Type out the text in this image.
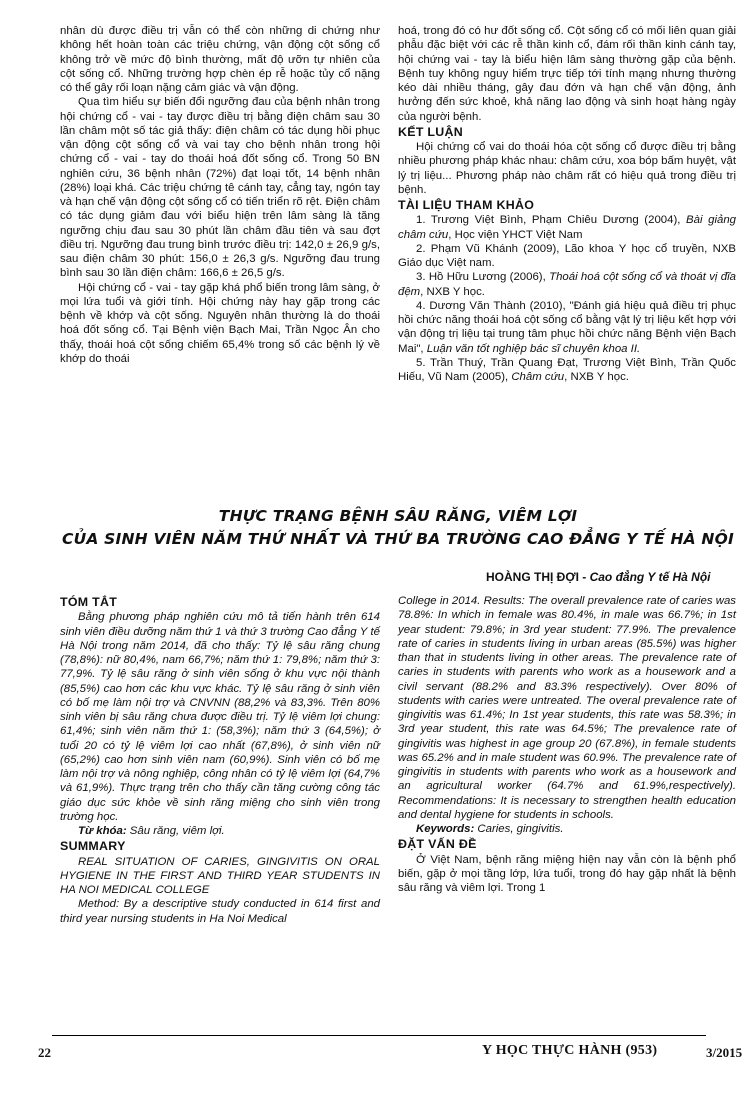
nhân dù được điều trị vẫn có thể còn những di chứng như không hết hoàn toàn các triệu chứng, vận động cột sống cổ không trở về mức độ bình thường, mất độ ưỡn tự nhiên của cột sống cổ. Những trường hợp chèn ép rễ hoặc tủy cổ nặng có thể gây rối loạn nặng cảm giác và vận động.

Qua tìm hiểu sự biến đổi ngưỡng đau của bệnh nhân trong hội chứng cổ - vai - tay được điều trị bằng điện châm sau 30 lần châm một số tác giả thấy: điện châm có tác dụng hồi phục vận động cột sống cổ và vai tay cho bệnh nhân trong hội chứng cổ - vai - tay do thoái hoá đốt sống cổ. Trong 50 BN nghiên cứu, 36 bệnh nhân (72%) đạt loại tốt, 14 bệnh nhân (28%) loại khá. Các triệu chứng tê cánh tay, cẳng tay, ngón tay và hạn chế vận động cột sống cổ có tiến triển rõ rệt. Điện châm có tác dụng giảm đau với biểu hiện trên lâm sàng là tăng ngưỡng chịu đau sau 30 phút lần châm đầu tiên và sau đợt điều trị. Ngưỡng đau trung bình trước điều trị: 142,0 ± 26,9 g/s, sau điện châm 30 phút: 156,0 ± 26,3 g/s. Ngưỡng đau trung bình sau 30 lần điện châm: 166,6 ± 26,5 g/s.

Hội chứng cổ - vai - tay gặp khá phổ biến trong lâm sàng, ở mọi lứa tuổi và giới tính. Hội chứng này hay gặp trong các bệnh về khớp và cột sống. Nguyên nhân thường là do thoái hoá đốt sống cổ. Tại Bệnh viện Bạch Mai, Trần Ngọc Ân cho thấy, thoái hoá cột sống chiếm 65,4% trong số các bệnh lý về khớp do thoái

hoá, trong đó có hư đốt sống cổ. Cột sống cổ có mối liên quan giải phẫu đặc biệt với các rễ thần kinh cổ, đám rối thần kinh cánh tay, hội chứng vai - tay là biểu hiện lâm sàng thường gặp của bệnh. Bệnh tuy không nguy hiểm trực tiếp tới tính mạng nhưng thường kéo dài nhiều tháng, gây đau đớn và hạn chế vận động, ảnh hưởng đến sức khoẻ, khả năng lao động và sinh hoạt hàng ngày của người bệnh.

KẾT LUẬN

Hội chứng cổ vai do thoái hóa cột sống cổ được điều trị bằng nhiều phương pháp khác nhau: châm cứu, xoa bóp bấm huyệt, vật lý trị liệu... Phương pháp nào châm rất có hiệu quả trong điều trị bệnh.

TÀI LIỆU THAM KHẢO

1. Trương Việt Bình, Phạm Chiêu Dương (2004), Bài giảng châm cứu, Học viện YHCT Việt Nam

2. Phạm Vũ Khánh (2009), Lão khoa Y học cổ truyền, NXB Giáo dục Việt nam.

3. Hồ Hữu Lương (2006), Thoái hoá cột sống cổ và thoát vị đĩa đệm, NXB Y học.

4. Dương Văn Thành (2010), "Đánh giá hiệu quả điều trị phục hồi chức năng thoái hoá cột sống cổ bằng vật lý trị liệu kết hợp với vận động trị liệu tại trung tâm phục hồi chức năng Bệnh viện Bạch Mai", Luận văn tốt nghiệp bác sĩ chuyên khoa II.

5. Trần Thuý, Trần Quang Đạt, Trương Việt Bình, Trần Quốc Hiếu, Vũ Nam (2005), Châm cứu, NXB Y học.

THỰC TRẠNG BỆNH SÂU RĂNG, VIÊM LỢI
CỦA SINH VIÊN NĂM THỨ NHẤT VÀ THỨ BA TRƯỜNG CAO ĐẲNG Y TẾ HÀ NỘI
HOÀNG THỊ ĐỢI - Cao đẳng Y tế Hà Nội

TÓM TẮT

Bằng phương pháp nghiên cứu mô tả tiến hành trên 614 sinh viên điều dưỡng năm thứ 1 và thứ 3 trường Cao đẳng Y tế Hà Nội trong năm 2014, đã cho thấy: Tỷ lệ sâu răng chung (78,8%): nữ 80,4%, nam 66,7%; năm thứ 1: 79,8%; năm thứ 3: 77,9%. Tỷ lệ sâu răng ở sinh viên sống ở khu vực nội thành (85,5%) cao hơn các khu vực khác. Tỷ lệ sâu răng ở sinh viên có bố mẹ làm nội trợ và CNVNN (88,2% và 83,3%. Trên 80% sinh viên bị sâu răng chưa được điều trị. Tỷ lệ viêm lợi chung: 61,4%; sinh viên năm thứ 1: (58,3%); năm thứ 3 (64,5%); ở tuổi 20 có tỷ lệ viêm lợi cao nhất (67,8%), ở sinh viên nữ (65,2%) cao hơn sinh viên nam (60,9%). Sinh viên có bố mẹ làm nội trợ và nông nghiệp, công nhân có tỷ lệ viêm lợi (64,7% và 61,9%). Thực trạng trên cho thấy cần tăng cường công tác giáo dục sức khỏe về sinh răng miệng cho sinh viên trong trường học.

Từ khóa: Sâu răng, viêm lợi.

SUMMARY

REAL SITUATION OF CARIES, GINGIVITIS ON ORAL HYGIENE IN THE FIRST AND THIRD YEAR STUDENTS IN HA NOI MEDICAL COLLEGE

Method: By a descriptive study conducted in 614 first and third year nursing students in Ha Noi Medical

College in 2014. Results: The overall prevalence rate of caries was 78.8%: In which in female was 80.4%, in male was 66.7%; in 1st year student: 79.8%; in 3rd year student: 77.9%. The prevalence rate of caries in students living in urban areas (85.5%) was higher than that in students living in other areas. The prevalence rate of caries in students with parents who work as a housework and a civil servant (88.2% and 83.3% respectively). Over 80% of students with caries were untreated. The overal prevalence rate of gingivitis was 61.4%; In 1st year students, this rate was 58.3%; in 3rd year student, this rate was 64.5%; The prevalence rate of gingivitis was highest in age group 20 (67.8%), in female students was 65.2% and in male student was 60.9%. The prevalence rate of gingivitis in students with parents who work as a housework and an agricultural worker (64.7% and 61.9%,respectively). Recommendations: It is necessary to strengthen health education and dental hygiene for students in schools.

Keywords: Caries, gingivitis.

ĐẶT VẤN ĐỀ

Ở Việt Nam, bệnh răng miệng hiện nay vẫn còn là bệnh phổ biến, gặp ở mọi tầng lớp, lứa tuổi, trong đó hay gặp nhất là bệnh sâu răng và viêm lợi. Trong 1

22	Y HỌC THỰC HÀNH (953)	3/2015
